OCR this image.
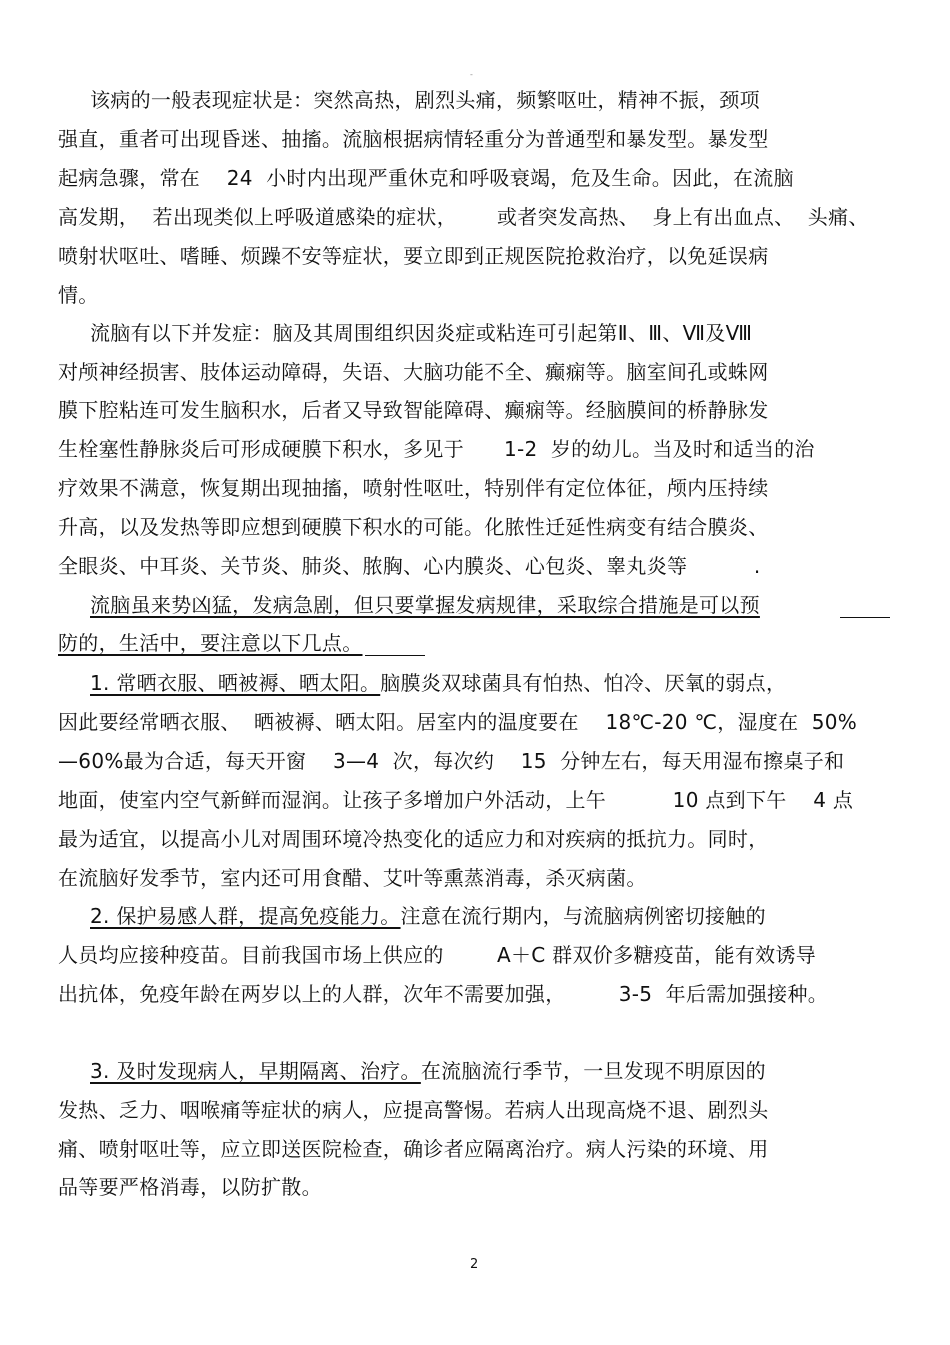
-
该病的一般表现症状是：突然高热，剧烈头痛，频繁呕吐，精神不振，颈项
强直，重者可出现昏迷、抽搐。流脑根据病情轻重分为普通型和暴发型。暴发型
起病急骤，常在    24  小时内出现严重休克和呼吸衰竭，危及生命。因此，在流脑
高发期，  若出现类似上呼吸道感染的症状，      或者突发高热、  身上有出血点、  头痛、
喷射状呕吐、嗜睡、烦躁不安等症状，要立即到正规医院抢救治疗，以免延误病
情。
流脑有以下并发症：脑及其周围组织因炎症或粘连可引起第Ⅱ、Ⅲ、Ⅶ及Ⅷ
对颅神经损害、肢体运动障碍，失语、大脑功能不全、癫痫等。脑室间孔或蛛网
膜下腔粘连可发生脑积水，后者又导致智能障碍、癫痫等。经脑膜间的桥静脉发
生栓塞性静脉炎后可形成硬膜下积水，多见于      1-2  岁的幼儿。当及时和适当的治
疗效果不满意，恢复期出现抽搐，喷射性呕吐，特别伴有定位体征，颅内压持续
升高，以及发热等即应想到硬膜下积水的可能。化脓性迁延性病变有结合膜炎、
全眼炎、中耳炎、关节炎、肺炎、脓胸、心内膜炎、心包炎、睾丸炎等          .
流脑虽来势凶猛，发病急剧，但只要掌握发病规律，采取综合措施是可以预
防的，生活中，要注意以下几点。
1. 常晒衣服、晒被褥、晒太阳。脑膜炎双球菌具有怕热、怕冷、厌氧的弱点，
因此要经常晒衣服、  晒被褥、晒太阳。居室内的温度要在    18℃-20 ℃，湿度在  50%
—60%最为合适，每天开窗    3—4  次，每次约    15  分钟左右，每天用湿布擦桌子和
地面，使室内空气新鲜而湿润。让孩子多增加户外活动，上午          10 点到下午    4 点
最为适宜，以提高小儿对周围环境冷热变化的适应力和对疾病的抵抗力。同时，
在流脑好发季节，室内还可用食醋、艾叶等熏蒸消毒，杀灭病菌。
2. 保护易感人群，提高免疫能力。注意在流行期内，与流脑病例密切接触的
人员均应接种疫苗。目前我国市场上供应的        A＋C 群双价多糖疫苗，能有效诱导
出抗体，免疫年龄在两岁以上的人群，次年不需要加强，        3-5  年后需加强接种。
3. 及时发现病人，早期隔离、治疗。在流脑流行季节，一旦发现不明原因的
发热、乏力、咽喉痛等症状的病人，应提高警惕。若病人出现高烧不退、剧烈头
痛、喷射呕吐等，应立即送医院检查，确诊者应隔离治疗。病人污染的环境、用
品等要严格消毒，以防扩散。
2
